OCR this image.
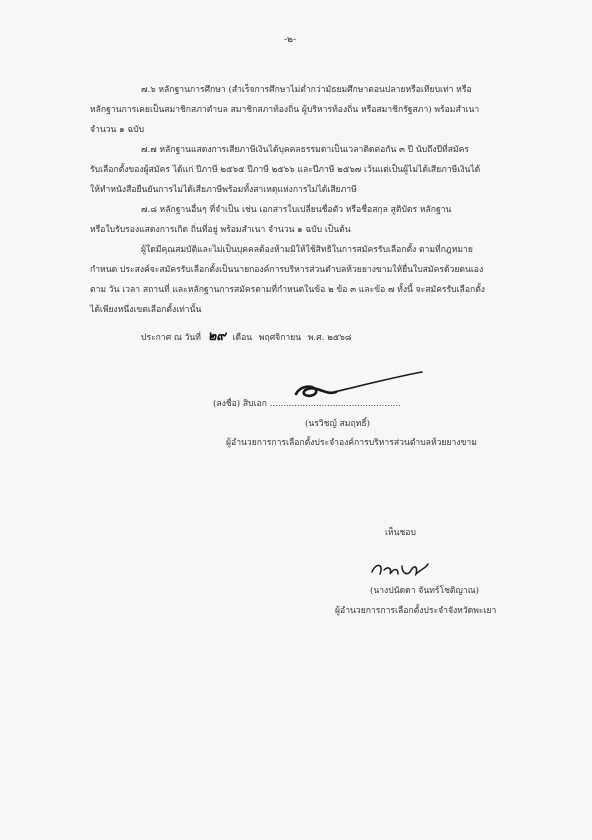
-๒-
๗.๖ หลักฐานการศึกษา (สำเร็จการศึกษาไม่ต่ำกว่ามัธยมศึกษาตอนปลายหรือเทียบเท่า หรือ
หลักฐานการเคยเป็นสมาชิกสภาตำบล สมาชิกสภาท้องถิ่น ผู้บริหารท้องถิ่น หรือสมาชิกรัฐสภา) พร้อมสำเนา
จำนวน ๑ ฉบับ
๗.๗ หลักฐานแสดงการเสียภาษีเงินได้บุคคลธรรมดาเป็นเวลาติดต่อกัน ๓ ปี นับถึงปีที่สมัคร
รับเลือกตั้งของผู้สมัคร ได้แก่ ปีภาษี ๒๕๖๕ ปีภาษี ๒๕๖๖ และปีภาษี ๒๕๖๗ เว้นแต่เป็นผู้ไม่ได้เสียภาษีเงินได้
ให้ทำหนังสือยืนยันการไม่ได้เสียภาษีพร้อมทั้งสาเหตุแห่งการไม่ได้เสียภาษี
๗.๘ หลักฐานอื่นๆ ที่จำเป็น เช่น เอกสารใบเปลี่ยนชื่อตัว หรือชื่อสกุล สูติบัตร หลักฐาน
หรือใบรับรองแสดงการเกิด ถิ่นที่อยู่ พร้อมสำเนา จำนวน ๑ ฉบับ เป็นต้น
ผู้ใดมีคุณสมบัติและไม่เป็นบุคคลต้องห้ามมิให้ใช้สิทธิในการสมัครรับเลือกตั้ง ตามที่กฎหมาย
กำหนด ประสงค์จะสมัครรับเลือกตั้งเป็นนายกองค์การบริหารส่วนตำบลห้วยยางขามให้ยื่นใบสมัครด้วยตนเอง
ตาม วัน เวลา สถานที่ และหลักฐานการสมัครตามที่กำหนดในข้อ ๒ ข้อ ๓ และข้อ ๗ ทั้งนี้ จะสมัครรับเลือกตั้ง
ได้เพียงหนึ่งเขตเลือกตั้งเท่านั้น
ประกาศ ณ วันที่ ๒๙ เดือน พฤศจิกายน พ.ศ. ๒๕๖๘
(ลงชื่อ) สิบเอก ................................................
(นรวิชญ์ สมฤทธิ์)
ผู้อำนวยการการเลือกตั้งประจำองค์การบริหารส่วนตำบลห้วยยางขาม
เห็นชอบ
(นางปนัดดา จันทร์โชติญาณ)
ผู้อำนวยการการเลือกตั้งประจำจังหวัดพะเยา
